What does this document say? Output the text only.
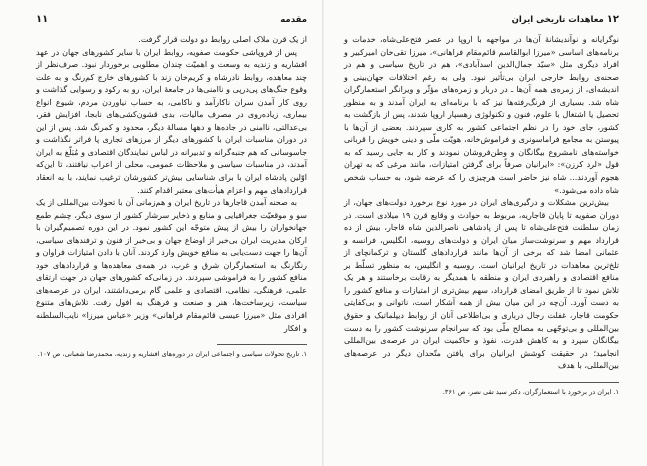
مقدمه
۱۱

از یک قرن ملاک اصلی روابط دو دولت قرار گرفت.

پس از فروپاشی حکومت صفویه، روابط ایران با سایر کشورهای جهان در عهد افشاریه و زندیه به وسعت و اهمیّت چندان مطلوبی برخوردار نبود. صرف‌نظر از چند معاهده، روابط نادرشاه و کریم‌خان زند با کشورهای خارج کم‌رنگ و به علت وقوع جنگ‌های پی‌درپی و ناامنی‌ها در جامعهٔ ایران، رو به رکود و رسوایی گذاشت و روی کار آمدن سران ناکارآمد و ناکامی، به حساب نیاوردن مردم، شیوع انواع بیماری، زیاده‌روی در مصرف مالیات، بدی قشون‌کشی‌های نابجا، افزایش فقر، بی‌عدالتی، ناامنی در جاده‌ها و دهها مسالهٔ دیگر، محدود و کمرنگ شد. پس از این در دوران مناسبات ایران با کشورهای دیگر از مرزهای تجاری پا فراتر نگذاشت و جاسوسانی که هم جنبه‌گرانه و تدبیرانه در لباس نمایندگان اقتصادی و مُبَلّغ به ایران آمدند، در مناسبات سیاسی و ملاحظات عمومی، محلی از اعراب نیافتند، تا این‌که اوّلین پادشاه ایران با برای شناسایی بیش‌تر کشورشان ترغیب نمایند، با به انعقاد قراردادهای مهم و اعزام هیأت‌های معتبر اقدام کنند.

به صحنه آمدن قاجارها در تاریخ ایران و هم‌زمانی آن با تحولات بین‌المللی از یک سو و موقعیّت جغرافیایی و منابع و ذخایر سرشار کشور از سوی دیگر، چشم طمع جهانخواران را بیش از پیش متوجّه این کشور نمود. در این دوره تصمیم‌گیران با ارکان مدیریت ایران بی‌خبر از اوضاع جهان و بی‌خبر از فنون و ترفندهای سیاسی، آن‌ها را جهت دست‌یابی به منافع خویش وارد کردند. آنان با دادن امتیازات فراوان و رنگارنگ به استعمارگران شرق و غرب، در همه‌ی معاهده‌ها و قراردادهای خود منافع کشور را به فراموشی سپردند. در زمانی‌که کشورهای جهان در جهت ارتقای علمی، فرهنگی، نظامی، اقتصادی و علمی گام برمی‌داشتند، ایران در عرصه‌های سیاست، زیرساخت‌ها، هنر و صنعت و فرهنگ به افول رفت. تلاش‌های متنوع افرادی مثل «میرزا عیسی قائم‌مقام فراهانی» وزیر «عباس میرزا» نایب‌السلطنه و افکار

۱. تاریخ تحولات سیاسی و اجتماعی ایران در دوره‌های افشاریه و زندیه، محمدرضا شعبانی، ص ۱۰۷.

۱۲ معاهدات تاریخی ایران

نوگرایانه و نوآندیشانهٔ آن‌ها در مواجهه با اروپا در عصر فتح‌علی‌شاه، خدمات و برنامه‌های اساسی «میرزا ابوالقاسم قائم‌مقام فراهانی»، میرزا تقی‌خان امیرکبیر و افراد دیگری مثل «سیّد جمال‌الدین اسدآبادی»، هم در تاریخ سیاسی و هم در صحنه‌ی روابط خارجی ایران بی‌تأثیر نبود. ولی به رغم اختلافات جهان‌بینی و اندیشه‌ای، از زمره‌ی همه آن‌ها ـ در دربار و زمره‌های مؤثّر و ویرانگر استعمارگران شاه شد. بسیاری از فرنگ‌رفته‌ها نیز که با برنامه‌ای به ایران آمدند و به منظور تحصیل یا اشتغال با علوم، فنون و تکنولوژی رهسپار اروپا شدند، پس از بازگشت به کشور، جای خود را در نظم اجتماعی کشور به کاری سپردند. بعضی از آن‌ها با پیوستن به مجامع فراماسونری و فراموش‌خانه، هویّت ملّی و دینی خویش را قربانی خواسته‌های نامشروع بیگانگان و وطن‌فروشان نمودند و کار به جایی رسید که به قول «لرد کرزن»: «ایرانیان صرفاً برای گرفتن امتیازات، مانند مرغی که به تهران هجوم آوردند... شاه نیز حاضر است هرچیزی را که عرضه شود، به حساب شخص شاه داده می‌شود.»

بیش‌ترین مشکلات و درگیری‌های ایران در مورد نوع برخورد دولت‌های جهان، از دوران صفویه تا پایان قاجاریه، مربوط به حوادث و وقایع قرن ۱۹ میلادی است. در زمان سلطنت فتح‌علی‌شاه تا پس از پادشاهی ناصرالدین شاه قاجار، بیش از ده قرارداد مهم و سرنوشت‌ساز میان ایران و دولت‌های روسیه، انگلیس، فرانسه و عثمانی امضا شد که برخی از آن‌ها مانند قراردادهای گلستان و ترکمانچای از تلخ‌ترین معاهدات در تاریخ ایرانیان است. روسیه و انگلیس، به منظور تسلّط بر منافع اقتصادی و راهبردی ایران و منطقه با همدیگر به رقابت برخاستند و هر یک تلاش نمود تا از طریق امضای قرارداد، سهم بیش‌تری از امتیازات و منافع کشور را به دست آورد. آن‌چه در این میان بیش از همه آشکار است، ناتوانی و بی‌کفایتی حکومت قاجار، غفلت رجال درباری و بی‌اطلاعی آنان از روابط دیپلماتیک و حقوق بین‌المللی و بی‌توجّهی به مصالح ملّی بود که سرانجام سرنوشت کشور را به دست بیگانگان سپرد و به کاهش قدرت، نفوذ و حاکمیت ایران در عرصه‌ی بین‌المللی انجامید؛ در حقیقت کوشش ایرانیان برای یافتن متّحدان دیگر در عرصه‌های بین‌المللی، با هدف

۱. ایران در برخورد با استعمارگران، دکتر سید تقی نصر، ص ۳۶۱.
